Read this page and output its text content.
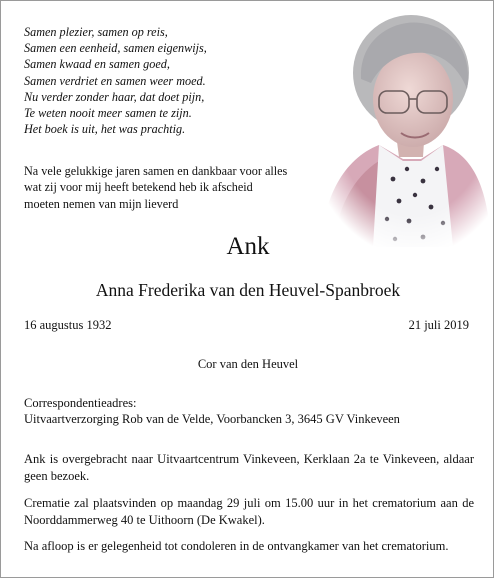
Samen plezier, samen op reis,
Samen een eenheid, samen eigenwijs,
Samen kwaad en samen goed,
Samen verdriet en samen weer moed.
Nu verder zonder haar, dat doet pijn,
Te weten nooit meer samen te zijn.
Het boek is uit, het was prachtig.
Na vele gelukkige jaren samen en dankbaar voor alles
wat zij voor mij heeft betekend heb ik afscheid
moeten nemen van mijn lieverd
Ank
Anna Frederika van den Heuvel-Spanbroek
16 augustus 1932	21 juli 2019
Cor van den Heuvel
Correspondentieadres:
Uitvaartverzorging Rob van de Velde, Voorbancken 3, 3645 GV Vinkeveen
Ank is overgebracht naar Uitvaartcentrum Vinkeveen, Kerklaan 2a te Vinkeveen, aldaar geen bezoek.
Crematie zal plaatsvinden op maandag 29 juli om 15.00 uur in het crematorium aan de Noorddammerweg 40 te Uithoorn (De Kwakel).
Na afloop is er gelegenheid tot condoleren in de ontvangkamer van het crematorium.
